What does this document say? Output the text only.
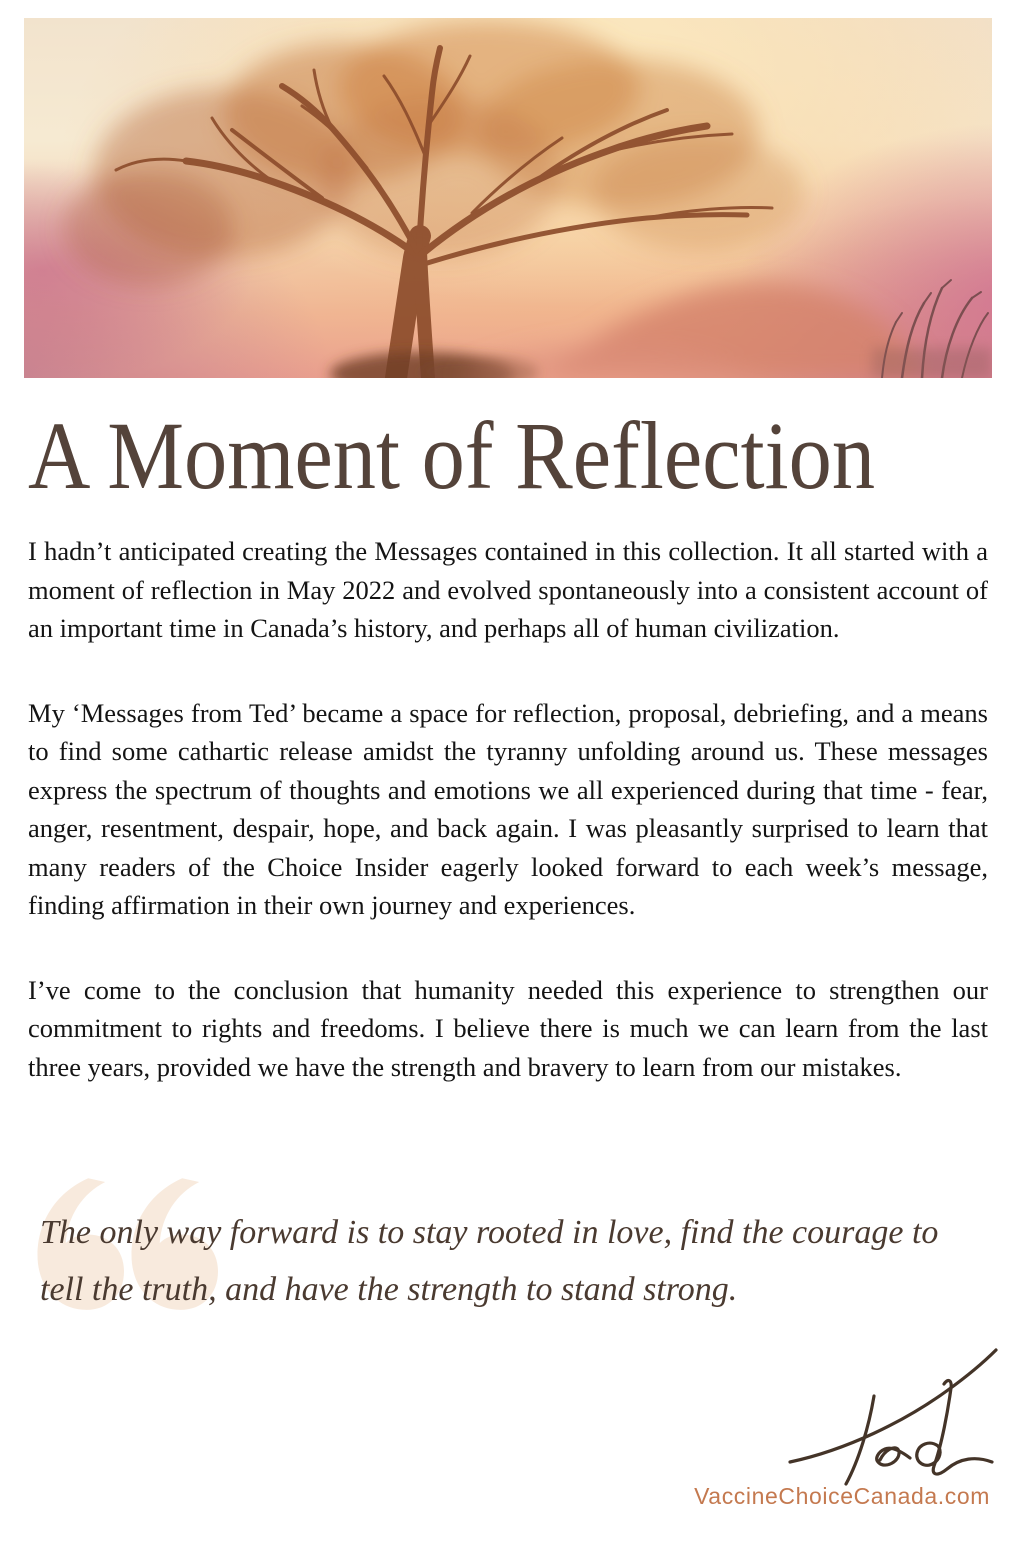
A Moment of Reflection

I hadn’t anticipated creating the Messages contained in this collection. It all started with a moment of reflection in May 2022 and evolved spontaneously into a consistent account of an important time in Canada’s history, and perhaps all of human civilization.

My ‘Messages from Ted’ became a space for reflection, proposal, debriefing, and a means to find some cathartic release amidst the tyranny unfolding around us. These messages express the spectrum of thoughts and emotions we all experienced during that time - fear, anger, resentment, despair, hope, and back again. I was pleasantly surprised to learn that many readers of the Choice Insider eagerly looked forward to each week’s message, finding affirmation in their own journey and experiences.

I’ve come to the conclusion that humanity needed this experience to strengthen our commitment to rights and freedoms. I believe there is much we can learn from the last three years, provided we have the strength and bravery to learn from our mistakes.

The only way forward is to stay rooted in love, find the courage to tell the truth, and have the strength to stand strong.

VaccineChoiceCanada.com
